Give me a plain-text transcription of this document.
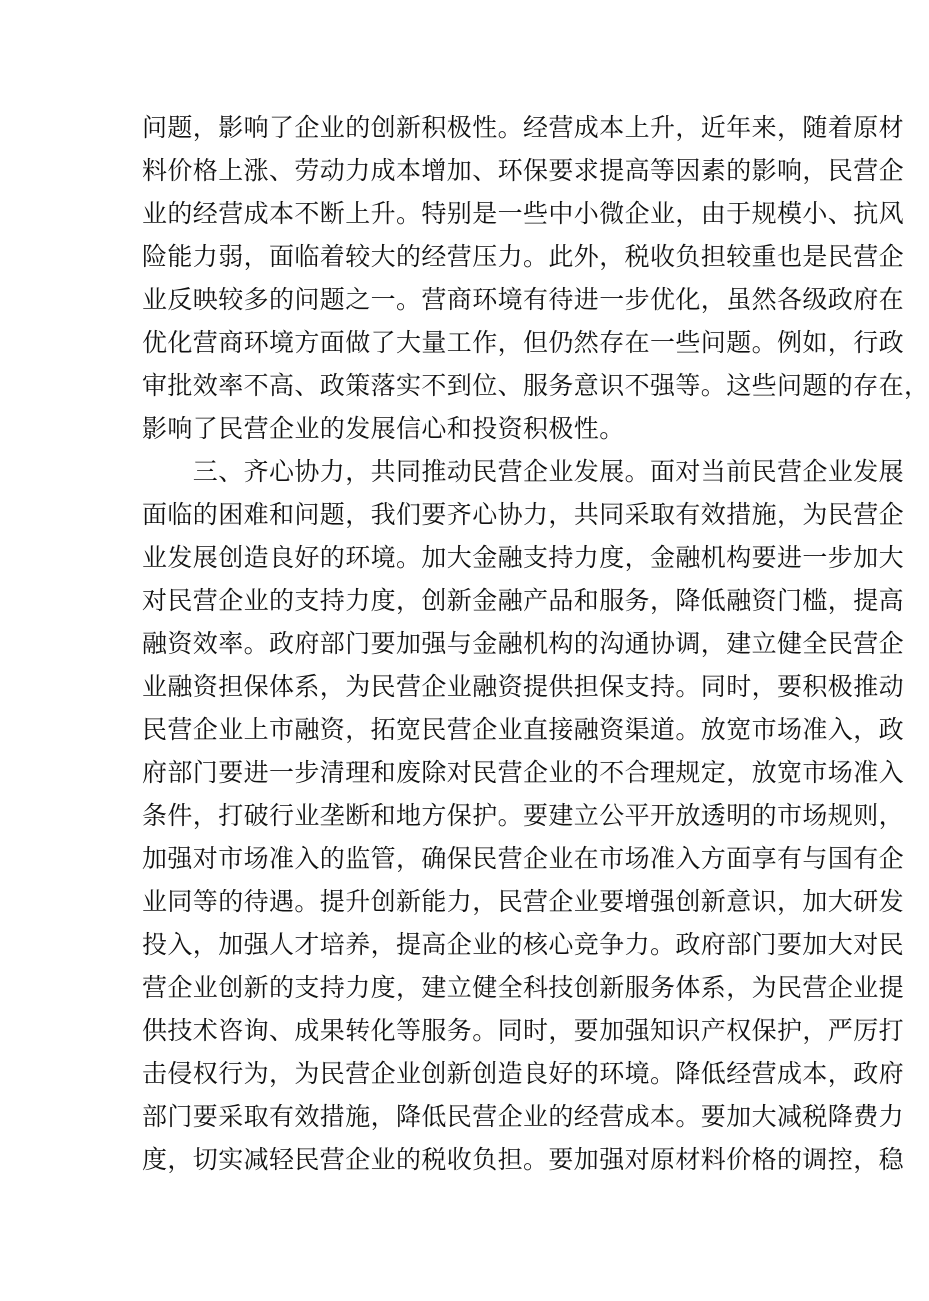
问题，影响了企业的创新积极性。经营成本上升，近年来，随着原材
料价格上涨、劳动力成本增加、环保要求提高等因素的影响，民营企
业的经营成本不断上升。特别是一些中小微企业，由于规模小、抗风
险能力弱，面临着较大的经营压力。此外，税收负担较重也是民营企
业反映较多的问题之一。营商环境有待进一步优化，虽然各级政府在
优化营商环境方面做了大量工作，但仍然存在一些问题。例如，行政
审批效率不高、政策落实不到位、服务意识不强等。这些问题的存在，
影响了民营企业的发展信心和投资积极性。
　　三、齐心协力，共同推动民营企业发展。面对当前民营企业发展
面临的困难和问题，我们要齐心协力，共同采取有效措施，为民营企
业发展创造良好的环境。加大金融支持力度，金融机构要进一步加大
对民营企业的支持力度，创新金融产品和服务，降低融资门槛，提高
融资效率。政府部门要加强与金融机构的沟通协调，建立健全民营企
业融资担保体系，为民营企业融资提供担保支持。同时，要积极推动
民营企业上市融资，拓宽民营企业直接融资渠道。放宽市场准入，政
府部门要进一步清理和废除对民营企业的不合理规定，放宽市场准入
条件，打破行业垄断和地方保护。要建立公平开放透明的市场规则，
加强对市场准入的监管，确保民营企业在市场准入方面享有与国有企
业同等的待遇。提升创新能力，民营企业要增强创新意识，加大研发
投入，加强人才培养，提高企业的核心竞争力。政府部门要加大对民
营企业创新的支持力度，建立健全科技创新服务体系，为民营企业提
供技术咨询、成果转化等服务。同时，要加强知识产权保护，严厉打
击侵权行为，为民营企业创新创造良好的环境。降低经营成本，政府
部门要采取有效措施，降低民营企业的经营成本。要加大减税降费力
度，切实减轻民营企业的税收负担。要加强对原材料价格的调控，稳
